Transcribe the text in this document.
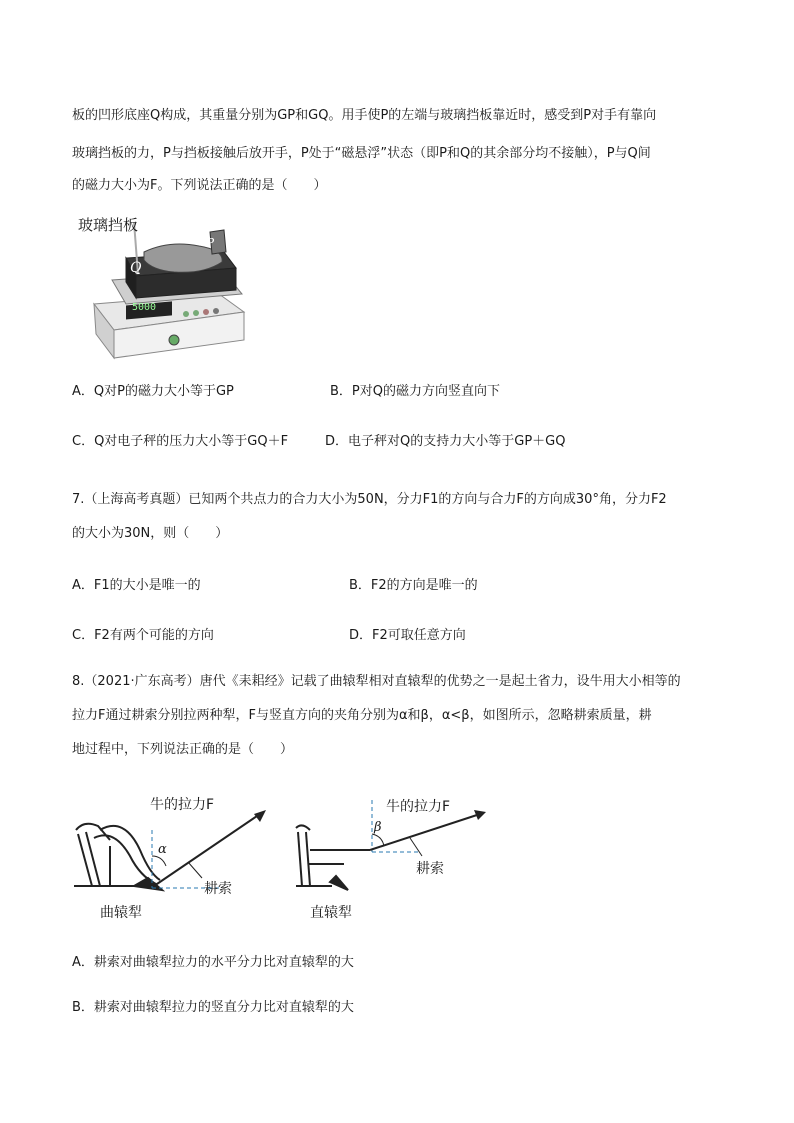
板的凹形底座Q构成，其重量分别为GP和GQ。用手使P的左端与玻璃挡板靠近时，感受到P对手有靠向
玻璃挡板的力，P与挡板接触后放开手，P处于“磁悬浮”状态（即P和Q的其余部分均不接触），P与Q间
的磁力大小为F。下列说法正确的是（　　）
玻璃挡板
Q
P
5000
A．Q对P的磁力大小等于GP	B．P对Q的磁力方向竖直向下
C．Q对电子秤的压力大小等于GQ＋F	D．电子秤对Q的支持力大小等于GP＋GQ
7.（上海高考真题）已知两个共点力的合力大小为50N，分力F1的方向与合力F的方向成30°角，分力F2
的大小为30N，则（　　）
A．F1的大小是唯一的	B．F2的方向是唯一的
C．F2有两个可能的方向	D．F2可取任意方向
8.（2021·广东高考）唐代《耒耜经》记载了曲辕犁相对直辕犁的优势之一是起土省力，设牛用大小相等的
拉力F通过耕索分别拉两种犁，F与竖直方向的夹角分别为α和β，α<β，如图所示，忽略耕索质量，耕
地过程中，下列说法正确的是（　　）
牛的拉力F
α
耕索
曲辕犁
牛的拉力F
β
耕索
直辕犁
A．耕索对曲辕犁拉力的水平分力比对直辕犁的大
B．耕索对曲辕犁拉力的竖直分力比对直辕犁的大
